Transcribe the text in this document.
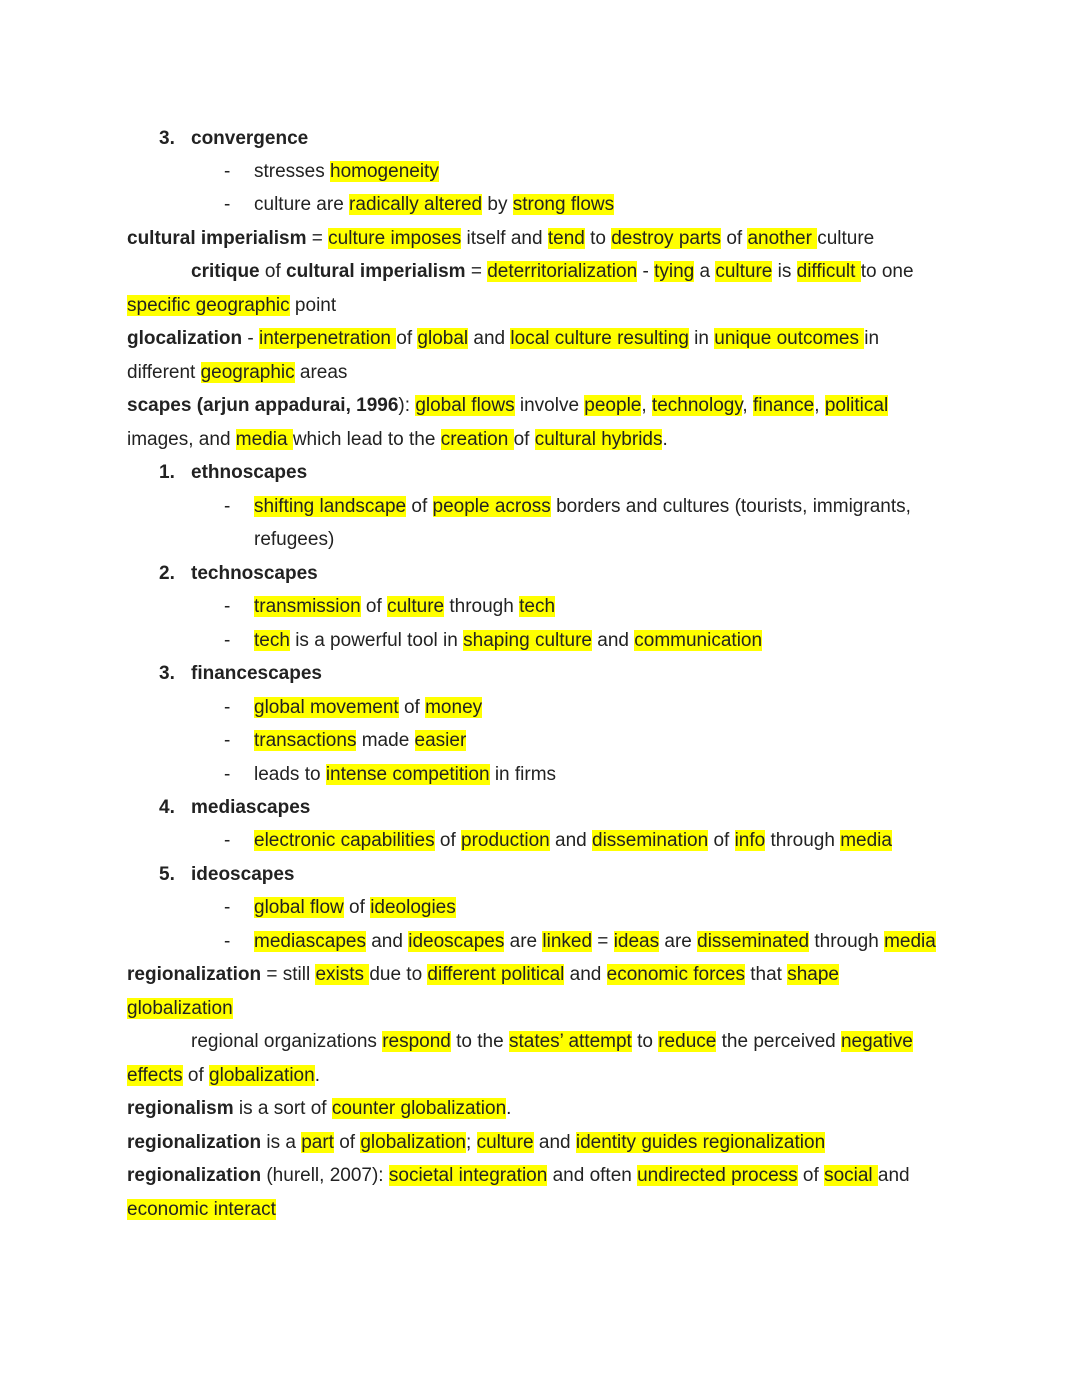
3. convergence
- stresses homogeneity
- culture are radically altered by strong flows
cultural imperialism = culture imposes itself and tend to destroy parts of another culture
critique of cultural imperialism = deterritorialization - tying a culture is difficult to one
specific geographic point
glocalization - interpenetration of global and local culture resulting in unique outcomes in
different geographic areas
scapes (arjun appadurai, 1996): global flows involve people, technology, finance, political
images, and media which lead to the creation of cultural hybrids.
1. ethnoscapes
- shifting landscape of people across borders and cultures (tourists, immigrants,
refugees)
2. technoscapes
- transmission of culture through tech
- tech is a powerful tool in shaping culture and communication
3. financescapes
- global movement of money
- transactions made easier
- leads to intense competition in firms
4. mediascapes
- electronic capabilities of production and dissemination of info through media
5. ideoscapes
- global flow of ideologies
- mediascapes and ideoscapes are linked = ideas are disseminated through media
regionalization = still exists due to different political and economic forces that shape
globalization
regional organizations respond to the states’ attempt to reduce the perceived negative
effects of globalization.
regionalism is a sort of counter globalization.
regionalization is a part of globalization; culture and identity guides regionalization
regionalization (hurell, 2007): societal integration and often undirected process of social and
economic interact
